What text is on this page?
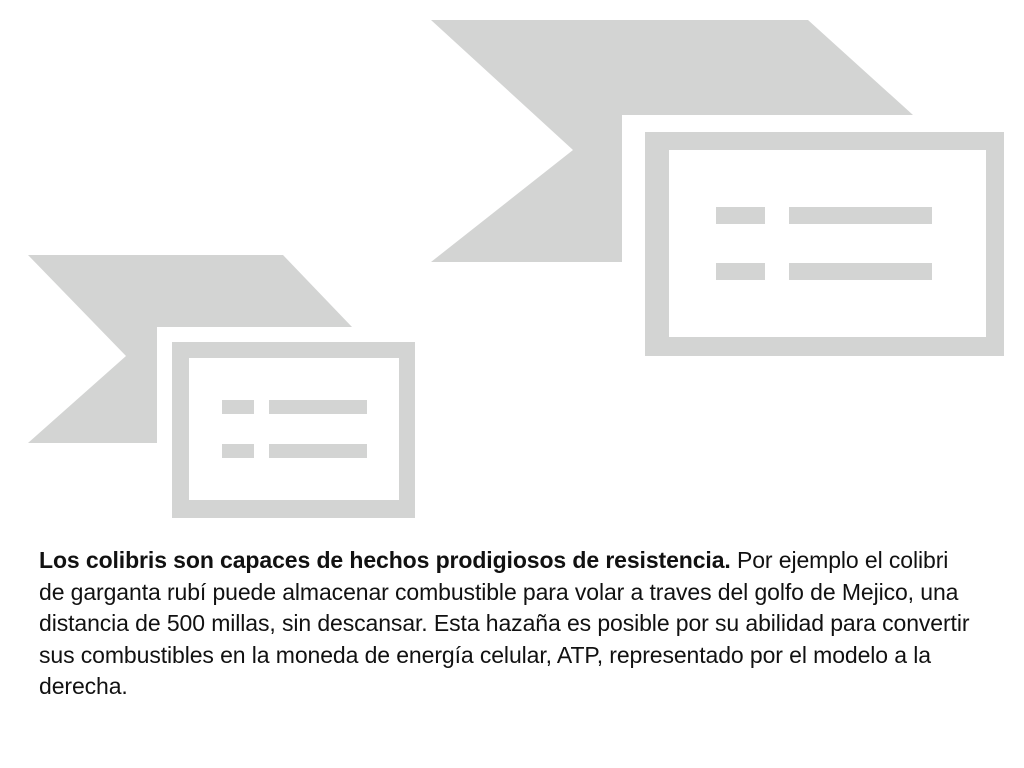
Los colibris son capaces de hechos prodigiosos de resistencia. Por ejemplo el colibri de garganta rubí puede almacenar combustible para volar a traves del golfo de Mejico, una distancia de 500 millas, sin descansar. Esta hazaña es posible por su abilidad para convertir sus combustibles en la moneda de energía celular, ATP, representado por el modelo a la derecha.
